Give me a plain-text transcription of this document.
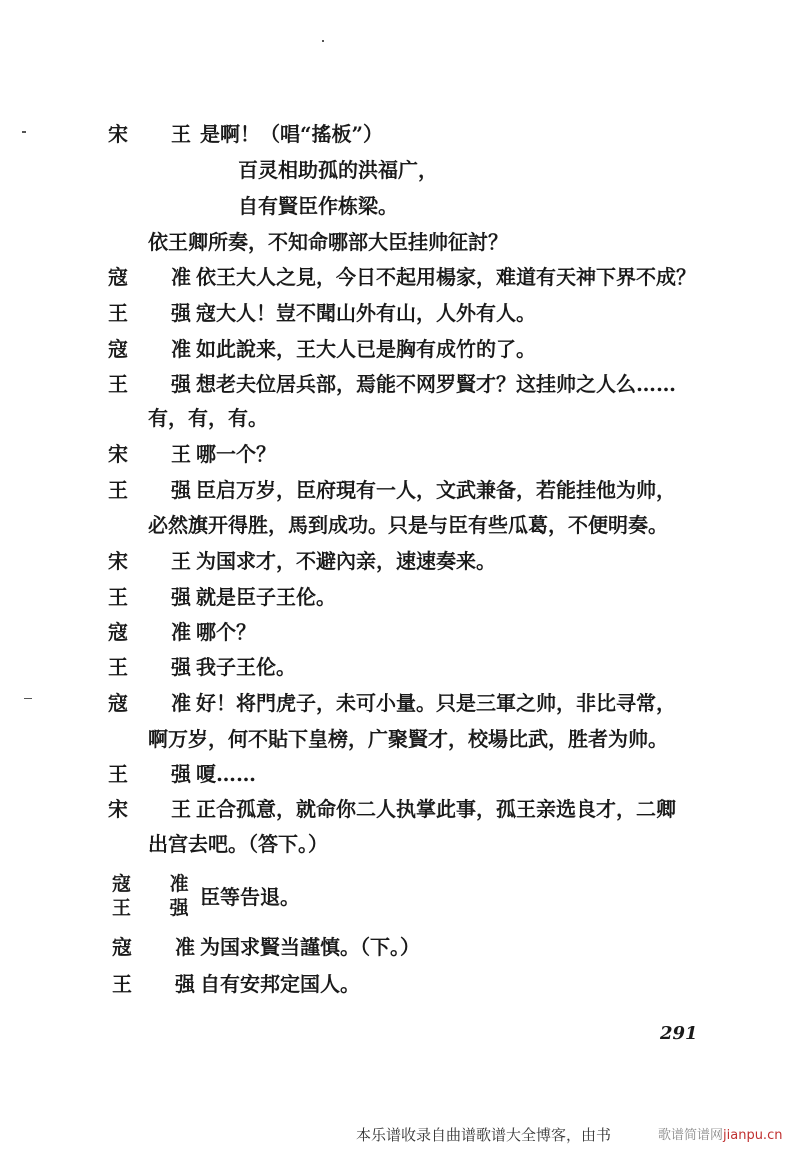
宋 王
是啊！（唱“搖板”）
百灵相助孤的洪福广，
自有賢臣作栋梁。
依王卿所奏，不知命哪部大臣挂帅征討？
寇 准
依王大人之見，今日不起用楊家，难道有天神下界不成？
王 强
寇大人！豈不聞山外有山，人外有人。
寇 准
如此說来，王大人已是胸有成竹的了。
王 强
想老夫位居兵部，焉能不网罗賢才？这挂帅之人么……
有，有，有。
宋 王
哪一个？
王 强
臣启万岁，臣府現有一人，文武兼备，若能挂他为帅，
必然旗开得胜，馬到成功。只是与臣有些瓜葛，不便明奏。
宋 王
为国求才，不避內亲，速速奏来。
王 强
就是臣子王伦。
寇 准
哪个？
王 强
我子王伦。
寇 准
好！将門虎子，未可小量。只是三軍之帅，非比寻常，
啊万岁，何不貼下皇榜，广聚賢才，校場比武，胜者为帅。
王 强
嗄……
宋 王
正合孤意，就命你二人执掌此事，孤王亲选良才，二卿
出宫去吧。（答下。）
寇 准
王 强
臣等告退。
寇 准
为国求賢当謹慎。（下。）
王 强
自有安邦定国人。
291
本乐谱收录自曲谱歌谱大全博客，由书	歌谱简谱网jianpu.cn
